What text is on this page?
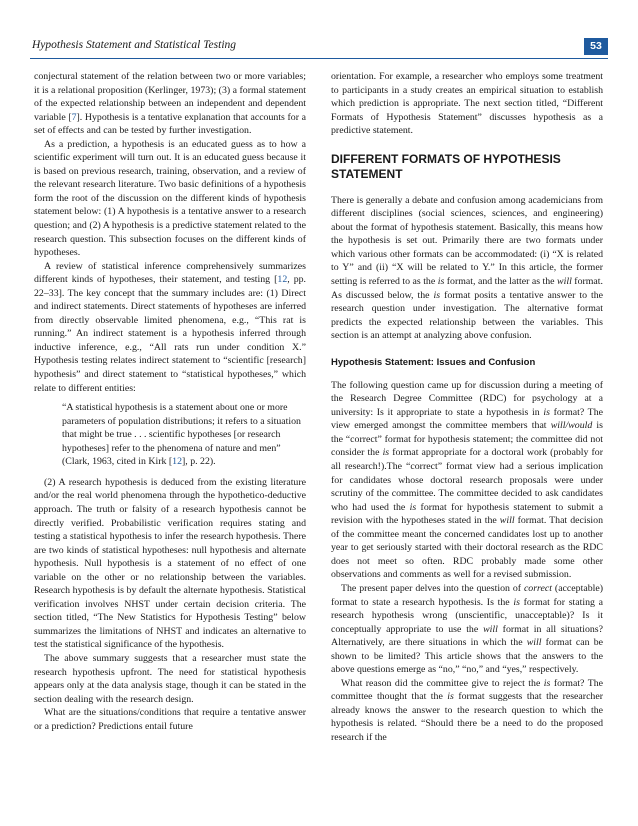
Hypothesis Statement and Statistical Testing	53

conjectural statement of the relation between two or more variables; it is a relational proposition (Kerlinger, 1973); (3) a formal statement of the expected relationship between an independent and dependent variable [7]. Hypothesis is a tentative explanation that accounts for a set of effects and can be tested by further investigation.

As a prediction, a hypothesis is an educated guess as to how a scientific experiment will turn out. It is an educated guess because it is based on previous research, training, observation, and a review of the relevant research literature. Two basic definitions of a hypothesis form the root of the discussion on the different kinds of hypothesis statement below: (1) A hypothesis is a tentative answer to a research question; and (2) A hypothesis is a predictive statement related to the research question. This subsection focuses on the different kinds of hypotheses.

A review of statistical inference comprehensively summarizes different kinds of hypotheses, their statement, and testing [12, pp. 22–33]. The key concept that the summary includes are: (1) Direct and indirect statements. Direct statements of hypotheses are inferred from directly observable limited phenomena, e.g., “This rat is running.” An indirect statement is a hypothesis inferred through inductive inference, e.g., “All rats run under condition X.” Hypothesis testing relates indirect statement to “scientific [research] hypothesis” and direct statement to “statistical hypotheses,” which relate to different entities:

“A statistical hypothesis is a statement about one or more parameters of population distributions; it refers to a situation that might be true . . . scientific hypotheses [or research hypotheses] refer to the phenomena of nature and men” (Clark, 1963, cited in Kirk [12], p. 22).

(2) A research hypothesis is deduced from the existing literature and/or the real world phenomena through the hypothetico-deductive approach. The truth or falsity of a research hypothesis cannot be directly verified. Probabilistic verification requires stating and testing a statistical hypothesis to infer the research hypothesis. There are two kinds of statistical hypotheses: null hypothesis and alternate hypothesis. Null hypothesis is a statement of no effect of one variable on the other or no relationship between the variables. Research hypothesis is by default the alternate hypothesis. Statistical verification involves NHST under certain decision criteria. The section titled, “The New Statistics for Hypothesis Testing” below summarizes the limitations of NHST and indicates an alternative to test the statistical significance of the hypothesis.

The above summary suggests that a researcher must state the research hypothesis upfront. The need for statistical hypothesis appears only at the data analysis stage, though it can be stated in the section dealing with the research design.

What are the situations/conditions that require a tentative answer or a prediction? Predictions entail future

orientation. For example, a researcher who employs some treatment to participants in a study creates an empirical situation to establish which prediction is appropriate. The next section titled, “Different Formats of Hypothesis Statement” discusses hypothesis as a predictive statement.

DIFFERENT FORMATS OF HYPOTHESIS STATEMENT

There is generally a debate and confusion among academicians from different disciplines (social sciences, sciences, and engineering) about the format of hypothesis statement. Basically, this means how the hypothesis is set out. Primarily there are two formats under which various other formats can be accommodated: (i) “X is related to Y” and (ii) “X will be related to Y.” In this article, the former setting is referred to as the is format, and the latter as the will format. As discussed below, the is format posits a tentative answer to the research question under investigation. The alternative format predicts the expected relationship between the variables. This section is an attempt at analyzing above confusion.

Hypothesis Statement: Issues and Confusion

The following question came up for discussion during a meeting of the Research Degree Committee (RDC) for psychology at a university: Is it appropriate to state a hypothesis in is format? The view emerged amongst the committee members that will/would is the “correct” format for hypothesis statement; the committee did not consider the is format appropriate for a doctoral work (probably for all research!).The “correct” format view had a serious implication for candidates whose doctoral research proposals were under scrutiny of the committee. The committee decided to ask candidates who had used the is format for hypothesis statement to submit a revision with the hypotheses stated in the will format. That decision of the committee meant the concerned candidates lost up to another year to get seriously started with their doctoral research as the RDC does not meet so often. RDC probably made some other observations and comments as well for a revised submission.

The present paper delves into the question of correct (acceptable) format to state a research hypothesis. Is the is format for stating a research hypothesis wrong (unscientific, unacceptable)? Is it conceptually appropriate to use the will format in all situations? Alternatively, are there situations in which the will format can be shown to be limited? This article shows that the answers to the above questions emerge as “no,” “no,” and “yes,” respectively.

What reason did the committee give to reject the is format? The committee thought that the is format suggests that the researcher already knows the answer to the research question to which the hypothesis is related. “Should there be a need to do the proposed research if the
